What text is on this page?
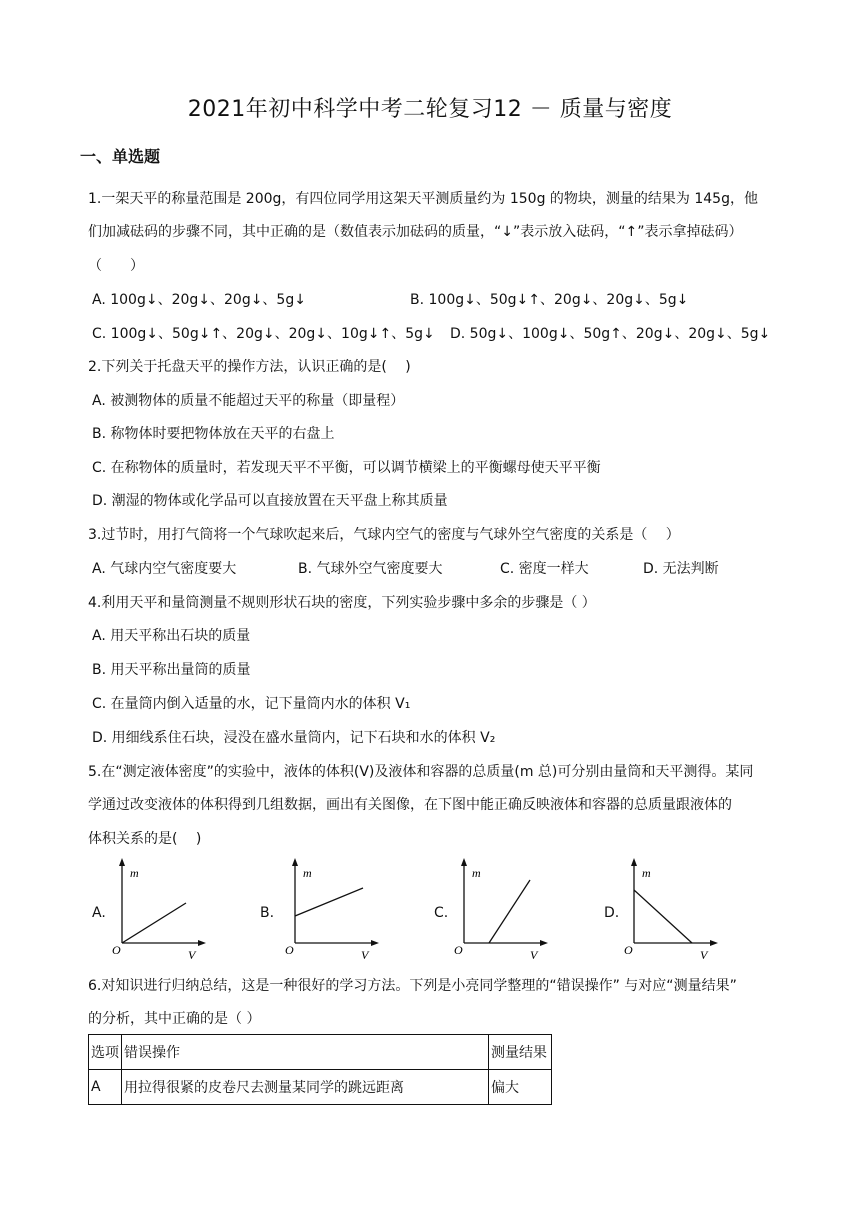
2021年初中科学中考二轮复习12 － 质量与密度
一、单选题
1.一架天平的称量范围是 200g，有四位同学用这架天平测质量约为 150g 的物块，测量的结果为 145g，他
们加减砝码的步骤不同，其中正确的是（数值表示加砝码的质量，“↓”表示放入砝码，“↑”表示拿掉砝码）
（　　）
A. 100g↓、20g↓、20g↓、5g↓	B. 100g↓、50g↓↑、20g↓、20g↓、5g↓
C. 100g↓、50g↓↑、20g↓、20g↓、10g↓↑、5g↓ D. 50g↓、100g↓、50g↑、20g↓、20g↓、5g↓
2.下列关于托盘天平的操作方法，认识正确的是(　 )
A. 被测物体的质量不能超过天平的称量（即量程）
B. 称物体时要把物体放在天平的右盘上
C. 在称物体的质量时，若发现天平不平衡，可以调节横梁上的平衡螺母使天平平衡
D. 潮湿的物体或化学品可以直接放置在天平盘上称其质量
3.过节时，用打气筒将一个气球吹起来后，气球内空气的密度与气球外空气密度的关系是（　 ）
A. 气球内空气密度要大	B. 气球外空气密度要大	C. 密度一样大	D. 无法判断
4.利用天平和量筒测量不规则形状石块的密度，下列实验步骤中多余的步骤是（ ）
A. 用天平称出石块的质量
B. 用天平称出量筒的质量
C. 在量筒内倒入适量的水，记下量筒内水的体积 V₁
D. 用细线系住石块，浸没在盛水量筒内，记下石块和水的体积 V₂
5.在“测定液体密度”的实验中，液体的体积(V)及液体和容器的总质量(m 总)可分别由量筒和天平测得。某同
学通过改变液体的体积得到几组数据，画出有关图像，在下图中能正确反映液体和容器的总质量跟液体的
体积关系的是(　 )
A.
m
V
O
B.
m
V
O
C.
m
V
O
D.
m
V
O
6.对知识进行归纳总结，这是一种很好的学习方法。下列是小亮同学整理的“错误操作” 与对应“测量结果”
的分析，其中正确的是（ ）
选项	错误操作	测量结果
A	用拉得很紧的皮卷尺去测量某同学的跳远距离	偏大
